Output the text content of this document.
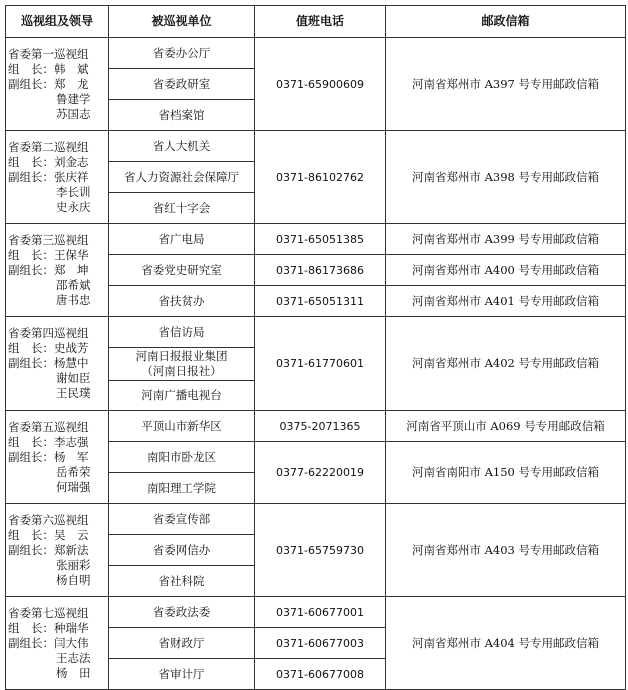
巡视组及领导	被巡视单位	值班电话	邮政信箱

省委第一巡视组
组　长：韩　斌
副组长：郑　龙
鲁建学
苏国志	省委办公厅	0371-65900609	河南省郑州市 A397 号专用邮政信箱
	省委政研室		
	省档案馆		

省委第二巡视组
组　长：刘金志
副组长：张庆祥
李长训
史永庆	省人大机关	0371-86102762	河南省郑州市 A398 号专用邮政信箱
	省人力资源社会保障厅		
	省红十字会		

省委第三巡视组
组　长：王保华
副组长：郑　坤
邵希斌
唐书忠	省广电局	0371-65051385	河南省郑州市 A399 号专用邮政信箱
	省委党史研究室	0371-86173686	河南省郑州市 A400 号专用邮政信箱
	省扶贫办	0371-65051311	河南省郑州市 A401 号专用邮政信箱

省委第四巡视组
组　长：史战芳
副组长：杨慧中
谢如臣
王民璞	省信访局	0371-61770601	河南省郑州市 A402 号专用邮政信箱

	河南日报报业集团
（河南日报社）		

	河南广播电视台		

省委第五巡视组
组　长：李志强
副组长：杨　军
岳希荣
何瑞强	平顶山市新华区	0375-2071365	河南省平顶山市 A069 号专用邮政信箱
	南阳市卧龙区	0377-62220019	河南省南阳市 A150 号专用邮政信箱
	南阳理工学院		

省委第六巡视组
组　长：吴　云
副组长：郑新法
张丽彩
杨自明	省委宣传部	0371-65759730	河南省郑州市 A403 号专用邮政信箱
	省委网信办		
	省社科院		

省委第七巡视组
组　长：种瑞华
副组长：闫大伟
王志法
杨　田	省委政法委	0371-60677001	河南省郑州市 A404 号专用邮政信箱
	省财政厅	0371-60677003	
	省审计厅	0371-60677008	
